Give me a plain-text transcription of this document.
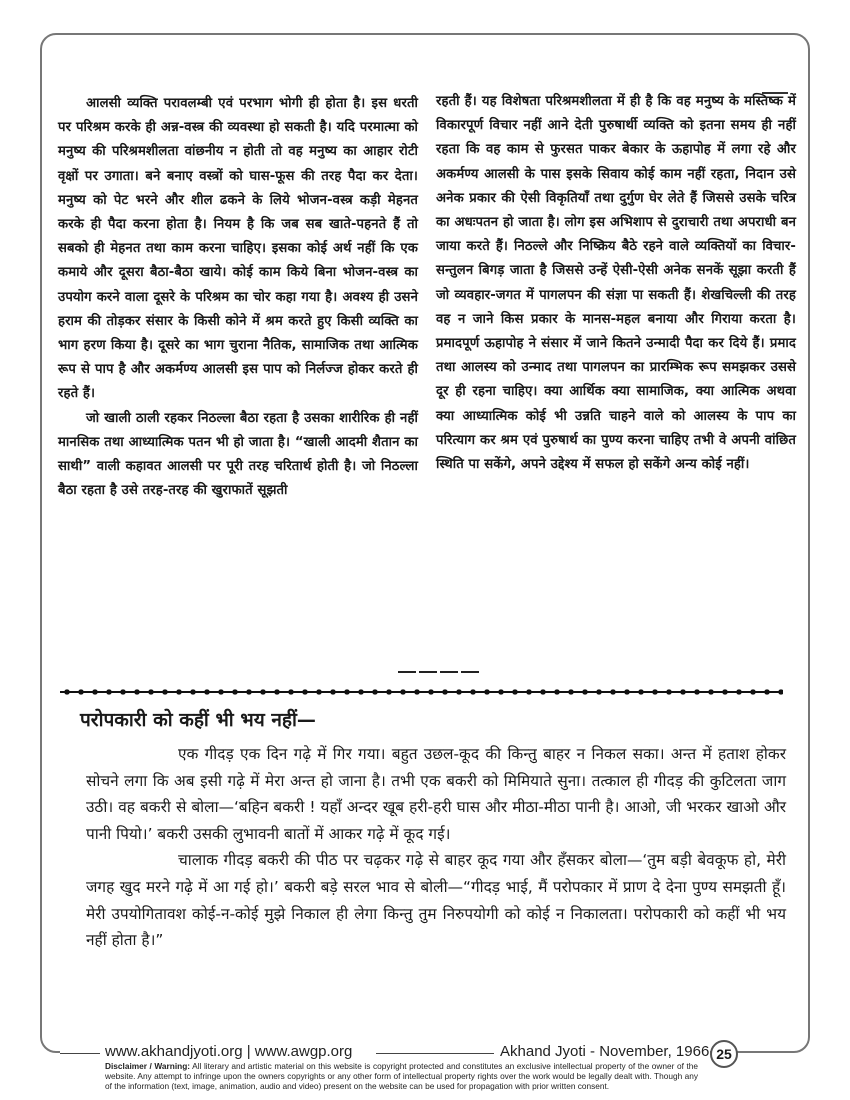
आलसी व्यक्ति परावलम्बी एवं परभाग भोगी ही होता है। इस धरती पर परिश्रम करके ही अन्न-वस्त्र की व्यवस्था हो सकती है। यदि परमात्मा को मनुष्य की परिश्रमशीलता वांछनीय न होती तो वह मनुष्य का आहार रोटी वृक्षों पर उगाता। बने बनाए वस्त्रों को घास-फूस की तरह पैदा कर देता। मनुष्य को पेट भरने और शील ढकने के लिये भोजन-वस्त्र कड़ी मेहनत करके ही पैदा करना होता है। नियम है कि जब सब खाते-पहनते हैं तो सबको ही मेहनत तथा काम करना चाहिए। इसका कोई अर्थ नहीं कि एक कमाये और दूसरा बैठा-बैठा खाये। कोई काम किये बिना भोजन-वस्त्र का उपयोग करने वाला दूसरे के परिश्रम का चोर कहा गया है। अवश्य ही उसने हराम की तोड़कर संसार के किसी कोने में श्रम करते हुए किसी व्यक्ति का भाग हरण किया है। दूसरे का भाग चुराना नैतिक, सामाजिक तथा आत्मिक रूप से पाप है और अकर्मण्य आलसी इस पाप को निर्लज्ज होकर करते ही रहते हैं।

जो खाली ठाली रहकर निठल्ला बैठा रहता है उसका शारीरिक ही नहीं मानसिक तथा आध्यात्मिक पतन भी हो जाता है। “खाली आदमी शैतान का साथी” वाली कहावत आलसी पर पूरी तरह चरितार्थ होती है। जो निठल्ला बैठा रहता है उसे तरह-तरह की खुराफातें सूझती

रहती हैं। यह विशेषता परिश्रमशीलता में ही है कि वह मनुष्य के मस्तिष्क में विकारपूर्ण विचार नहीं आने देती पुरुषार्थी व्यक्ति को इतना समय ही नहीं रहता कि वह काम से फुरसत पाकर बेकार के ऊहापोह में लगा रहे और अकर्मण्य आलसी के पास इसके सिवाय कोई काम नहीं रहता, निदान उसे अनेक प्रकार की ऐसी विकृतियाँ तथा दुर्गुण घेर लेते हैं जिससे उसके चरित्र का अधःपतन हो जाता है। लोग इस अभिशाप से दुराचारी तथा अपराधी बन जाया करते हैं। निठल्ले और निष्क्रिय बैठे रहने वाले व्यक्तियों का विचार-सन्तुलन बिगड़ जाता है जिससे उन्हें ऐसी-ऐसी अनेक सनकें सूझा करती हैं जो व्यवहार-जगत में पागलपन की संज्ञा पा सकती हैं। शेखचिल्ली की तरह वह न जाने किस प्रकार के मानस-महल बनाया और गिराया करता है। प्रमादपूर्ण ऊहापोह ने संसार में जाने कितने उन्मादी पैदा कर दिये हैं। प्रमाद तथा आलस्य को उन्माद तथा पागलपन का प्रारम्भिक रूप समझकर उससे दूर ही रहना चाहिए। क्या आर्थिक क्या सामाजिक, क्या आत्मिक अथवा क्या आध्यात्मिक कोई भी उन्नति चाहने वाले को आलस्य के पाप का परित्याग कर श्रम एवं पुरुषार्थ का पुण्य करना चाहिए तभी वे अपनी वांछित स्थिति पा सकेंगे, अपने उद्देश्य में सफल हो सकेंगे अन्य कोई नहीं।

परोपकारी को कहीं भी भय नहीं—

एक गीदड़ एक दिन गढ़े में गिर गया। बहुत उछल-कूद की किन्तु बाहर न निकल सका। अन्त में हताश होकर सोचने लगा कि अब इसी गढ़े में मेरा अन्त हो जाना है। तभी एक बकरी को मिमियाते सुना। तत्काल ही गीदड़ की कुटिलता जाग उठी। वह बकरी से बोला—‘बहिन बकरी ! यहाँ अन्दर खूब हरी-हरी घास और मीठा-मीठा पानी है। आओ, जी भरकर खाओ और पानी पियो।’ बकरी उसकी लुभावनी बातों में आकर गढ़े में कूद गई।

चालाक गीदड़ बकरी की पीठ पर चढ़कर गढ़े से बाहर कूद गया और हँसकर बोला—‘तुम बड़ी बेवकूफ हो, मेरी जगह खुद मरने गढ़े में आ गई हो।’ बकरी बड़े सरल भाव से बोली—“गीदड़ भाई, मैं परोपकार में प्राण दे देना पुण्य समझती हूँ। मेरी उपयोगितावश कोई-न-कोई मुझे निकाल ही लेगा किन्तु तुम निरुपयोगी को कोई न निकालता। परोपकारी को कहीं भी भय नहीं होता है।”

www.akhandjyoti.org | www.awgp.org	Akhand Jyoti - November, 1966 25
Disclaimer / Warning: All literary and artistic material on this website is copyright protected and constitutes an exclusive intellectual property of the owner of the website. Any attempt to infringe upon the owners copyrights or any other form of intellectual property rights over the work would be legally dealt with. Though any of the information (text, image, animation, audio and video) present on the website can be used for propagation with prior written consent.
